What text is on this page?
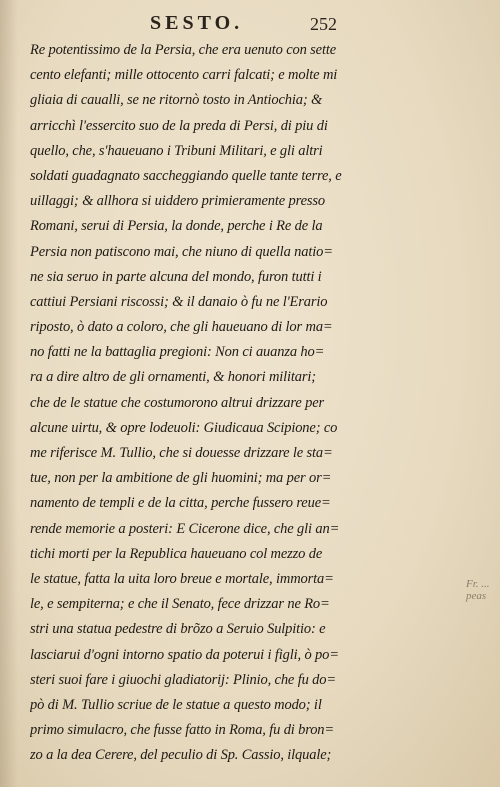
SESTO.	252
Re potentissimo de la Persia, che era uenuto con sette
cento elefanti; mille ottocento carri falcati; e molte mi
gliaia di caualli, se ne ritornò tosto in Antiochia; &
arricchì l'essercito suo de la preda di Persi, di piu di
quello, che, s'haueuano i Tribuni Militari, e gli altri
soldati guadagnato saccheggiando quelle tante terre, e
uillaggi; & allhora si uiddero primieramente presso
Romani, serui di Persia, la donde, perche i Re de la
Persia non patiscono mai, che niuno di quella natio=
ne sia seruo in parte alcuna del mondo, furon tutti i
cattiui Persiani riscossi; & il danaio ò fu ne l'Erario
riposto, ò dato a coloro, che gli haueuano di lor ma=
no fatti ne la battaglia pregioni: Non ci auanza ho=
ra a dire altro de gli ornamenti, & honori militari;
che de le statue che costumorono altrui drizzare per
alcune uirtu, & opre lodeuoli: Giudicaua Scipione; co
me riferisce M. Tullio, che si douesse drizzare le sta=
tue, non per la ambitione de gli huomini; ma per or=
namento de templi e de la citta, perche fussero reue=
rende memorie a posteri: E Cicerone dice, che gli an=
tichi morti per la Republica haueuano col mezzo de
le statue, fatta la uita loro breue e mortale, immorta=
le, e sempiterna; e che il Senato, fece drizzar ne Ro=
stri una statua pedestre di brõzo a Seruio Sulpitio: e
lasciarui d'ogni intorno spatio da poterui i figli, ò po=
steri suoi fare i giuochi gladiatorij: Plinio, che fu do=
pò di M. Tullio scriue de le statue a questo modo; il
primo simulacro, che fusse fatto in Roma, fu di bron=
zo a la dea Cerere, del peculio di Sp. Cassio, ilquale;
Fr. ... peas
